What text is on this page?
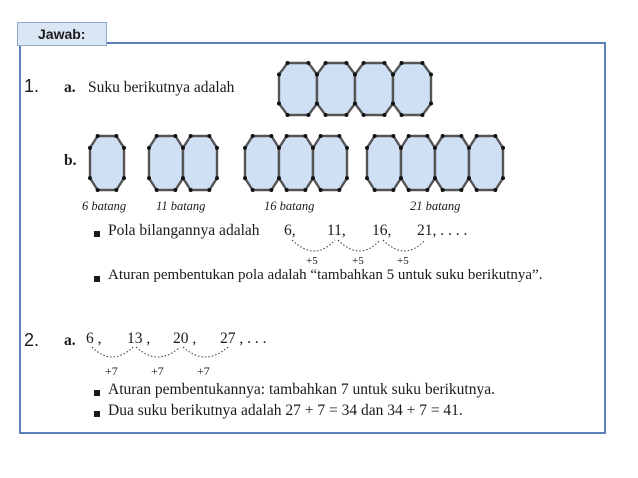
Jawab:
1. a. Suku berikutnya adalah
b.
6 batang 11 batang	16 batang	21 batang
Pola bilangannya adalah 6, 11, 16, 21, . . . .
+5	+5	+5
Aturan pembentukan pola adalah “tambahkan 5 untuk suku berikutnya”.
2. a. 6 , 13 , 20 , 27 , . . .
+7	+7	+7
Aturan pembentukannya: tambahkan 7 untuk suku berikutnya.
Dua suku berikutnya adalah 27 + 7 = 34 dan 34 + 7 = 41.
